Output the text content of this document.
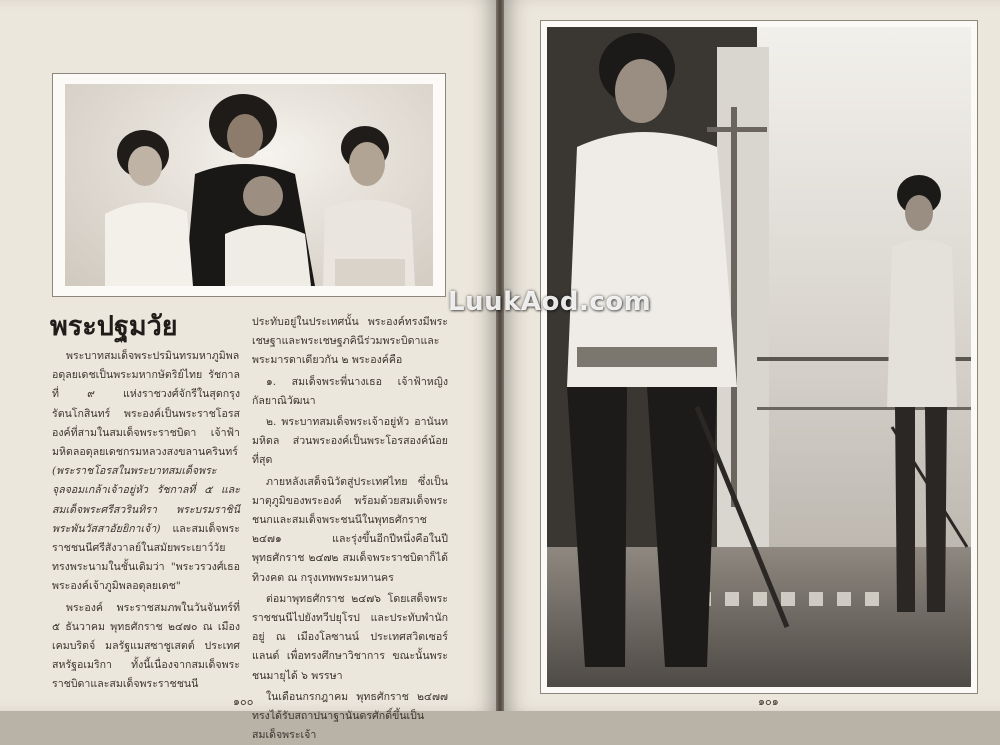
LuukAod.com
พระปฐมวัย

พระบาทสมเด็จพระปรมินทรมหาภูมิพล อดุลยเดชเป็นพระมหากษัตริย์ไทย รัชกาลที่ ๙ แห่งราชวงศ์จักรีในสุดกรุงรัตนโกสินทร์ พระองค์เป็นพระราชโอรสองค์ที่สามในสมเด็จพระราชบิดา เจ้าฟ้ามหิดลอดุลยเดชกรมหลวงสงขลานครินทร์ (พระราชโอรสในพระบาทสมเด็จพระจุลจอมเกล้าเจ้าอยู่หัว รัชกาลที่ ๕ และสมเด็จพระศรีสวรินทิรา พระบรมราชินี พระพันวัสสาอัยยิกาเจ้า) และสมเด็จพระราชชนนีศรีสังวาลย์ในสมัยพระเยาว์วัย ทรงพระนามในชั้นเดิมว่า "พระวรวงศ์เธอ พระองค์เจ้าภูมิพลอดุลยเดช"

พระองค์ พระราชสมภพในวันจันทร์ที่ ๕ ธันวาคม พุทธศักราช ๒๔๗๐ ณ เมืองเคมบริดจ์ มลรัฐแมสซาชูเสตต์ ประเทศสหรัฐอเมริกา ทั้งนี้เนื่องจากสมเด็จพระราชบิดาและสมเด็จพระราชชนนี

ประทับอยู่ในประเทศนั้น พระองค์ทรงมีพระเชษฐาและพระเชษฐภคินีร่วมพระบิดาและพระมารดาเดียวกัน ๒ พระองค์คือ

๑. สมเด็จพระพี่นางเธอ เจ้าฟ้าหญิงกัลยาณิวัฒนา

๒. พระบาทสมเด็จพระเจ้าอยู่หัว อานันทมหิดล ส่วนพระองค์เป็นพระโอรสองค์น้อยที่สุด

ภายหลังเสด็จนิวัตสู่ประเทศไทย ซึ่งเป็นมาตุภูมิของพระองค์ พร้อมด้วยสมเด็จพระชนกและสมเด็จพระชนนีในพุทธศักราช ๒๔๗๑ และรุ่งขึ้นอีกปีหนึ่งคือในปีพุทธศักราช ๒๔๗๒ สมเด็จพระราชบิดาก็ได้ทิวงคต ณ กรุงเทพพระมหานคร

ต่อมาพุทธศักราช ๒๔๗๖ โดยเสด็จพระราชชนนีไปยังทวีปยุโรป และประทับพำนักอยู่ ณ เมืองโลซานน์ ประเทศสวิตเซอร์แลนด์ เพื่อทรงศึกษาวิชาการ ขณะนั้นพระชนมายุได้ ๖ พรรษา

ในเดือนกรกฎาคม พุทธศักราช ๒๔๗๗ ทรงได้รับสถาปนาฐานันดรศักดิ์ขึ้นเป็น สมเด็จพระเจ้า

๑๐๐	๑๐๑
